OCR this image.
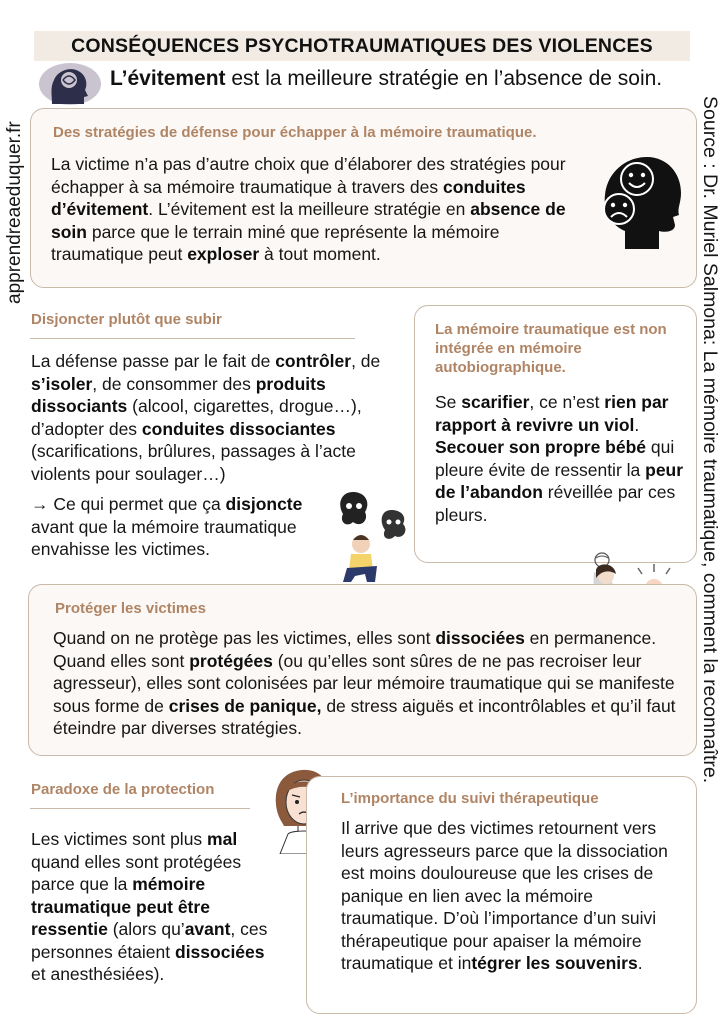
CONSÉQUENCES PSYCHOTRAUMATIQUES DES VIOLENCES
L’évitement est la meilleure stratégie en l’absence de soin.
apprendreaeduquer.fr	Source : Dr. Muriel Salmona: La mémoire traumatique, comment la reconnaître.
Des stratégies de défense pour échapper à la mémoire traumatique.
La victime n’a pas d’autre choix que d’élaborer des stratégies pour échapper à sa mémoire traumatique à travers des conduites d’évitement. L’évitement est la meilleure stratégie en absence de soin parce que le terrain miné que représente la mémoire traumatique peut exploser à tout moment.
Disjoncter plutôt que subir

La défense passe par le fait de contrôler, de s’isoler, de consommer des produits dissociants (alcool, cigarettes, drogue…), d’adopter des conduites dissociantes (scarifications, brûlures, passages à l’acte violents pour soulager…)

→ Ce qui permet que ça disjoncte avant que la mémoire traumatique envahisse les victimes.

La mémoire traumatique est non intégrée en mémoire autobiographique.
Se scarifier, ce n’est rien par rapport à revivre un viol.
Secouer son propre bébé qui pleure évite de ressentir la peur de l’abandon réveillée par ces pleurs.
Protéger les victimes
Quand on ne protège pas les victimes, elles sont dissociées en permanence. Quand elles sont protégées (ou qu’elles sont sûres de ne pas recroiser leur agresseur), elles sont colonisées par leur mémoire traumatique qui se manifeste sous forme de crises de panique, de stress aiguës et incontrôlables et qu’il faut éteindre par diverses stratégies.
Paradoxe de la protection
Les victimes sont plus mal quand elles sont protégées parce que la mémoire traumatique peut être ressentie (alors qu’avant, ces personnes étaient dissociées et anesthésiées).
L’importance du suivi thérapeutique
Il arrive que des victimes retournent vers leurs agresseurs parce que la dissociation est moins douloureuse que les crises de panique en lien avec la mémoire traumatique. D’où l’importance d’un suivi thérapeutique pour apaiser la mémoire traumatique et intégrer les souvenirs.
